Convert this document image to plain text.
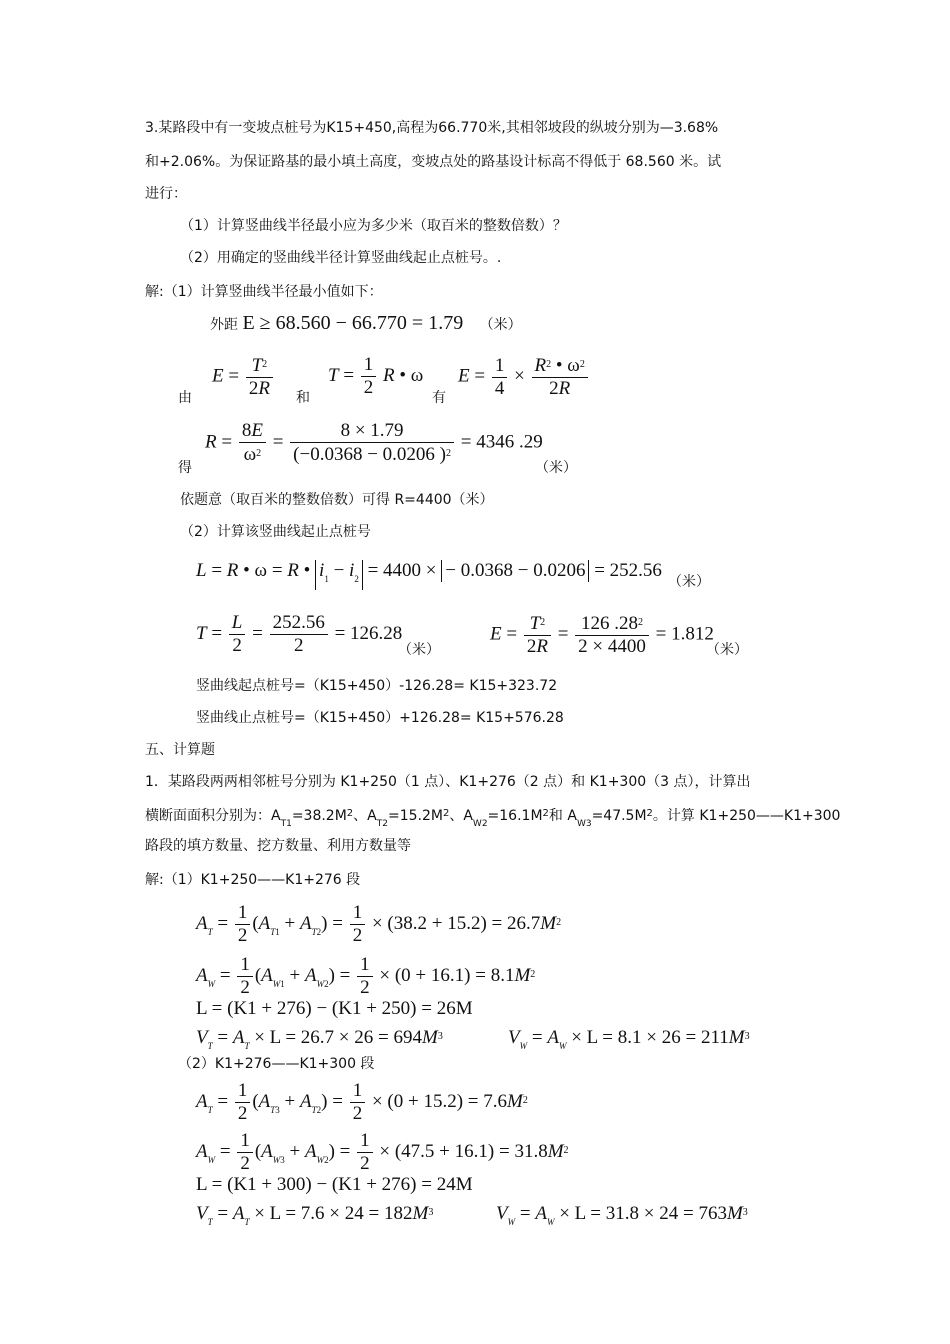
3.某路段中有一变坡点桩号为K15+450,高程为66.770米,其相邻坡段的纵坡分别为—3.68%
和+2.06%。为保证路基的最小填土高度，变坡点处的路基设计标高不得低于 68.560 米。试
进行：
（1）计算竖曲线半径最小应为多少米（取百米的整数倍数）？
（2）用确定的竖曲线半径计算竖曲线起止点桩号。.
解:（1）计算竖曲线半径最小值如下：
外距 E ≥ 68.560 − 66.770 = 1.79 （米）
由
$E = \frac{T^2}{2R}$ 和
$T = \frac{1}{2}$ R • ω
有
$E = \frac{1}{4} \times \frac{R^2 • \omega^2}{2R}$
得
$R = \frac{8E}{\omega^2} = \frac{8 \times 1.79}{(-0.0368 - 0.0206 )^2} = 4346$ .29
（米）
依题意（取百米的整数倍数）可得 R=4400（米）
（2）计算该竖曲线起止点桩号
L = R • ω = R • $i_1 - i_2 = 4400$ × − 0.0368 − 0.0206 = 252.56
（米）
$T = \frac{L}{2} = \frac{252.56}{2} = 126.28$
（米）
$E = \frac{T^2}{2R} = \frac{126 .28^2}{2 \times 4400} = 1.812$
（米）
竖曲线起点桩号=（K15+450）-126.28= K15+323.72
竖曲线止点桩号=（K15+450）+126.28= K15+576.28
五、计算题
1．某路段两两相邻桩号分别为 K1+250（1 点）、K1+276（2 点）和 K1+300（3 点），计算出
横断面面积分别为：$A_{T1}=38.2M^2$、$A_{T2}=15.2M^2$、$A_{W2}=16.1M^2$和 $A_{W3}=47.5M^2$。计算 K1+250——K1+300
路段的填方数量、挖方数量、利用方数量等
解:（1）K1+250——K1+276 段
$A_T = \frac{1}{2} (A_{T1} + A_{T2}) = \frac{1}{2} \times (38.2 + 15.2) = 26.7M^2$
$A_W = \frac{1}{2} (A_{W1} + A_{W2}) = \frac{1}{2} \times (0 + 16.1) = 8.1M^2$
L = (K1 + 276) − (K1 + 250) = 26M
$V_T = A_T \times L = 26.7 \times 26 = 694M^3$	$V_W = A_W \times L = 8.1 \times 26 = 211M^3$
（2）K1+276——K1+300 段
$A_T = \frac{1}{2} (A_{T3} + A_{T2}) = \frac{1}{2} \times (0 + 15.2) = 7.6M^2$
$A_W = \frac{1}{2} (A_{W3} + A_{W2}) = \frac{1}{2} \times (47.5 + 16.1) = 31.8M^2$
L = (K1 + 300) − (K1 + 276) = 24M
$V_T = A_T \times L = 7.6 \times 24 = 182M^3$	$V_W = A_W \times L = 31.8 \times 24 = 763M^3$
